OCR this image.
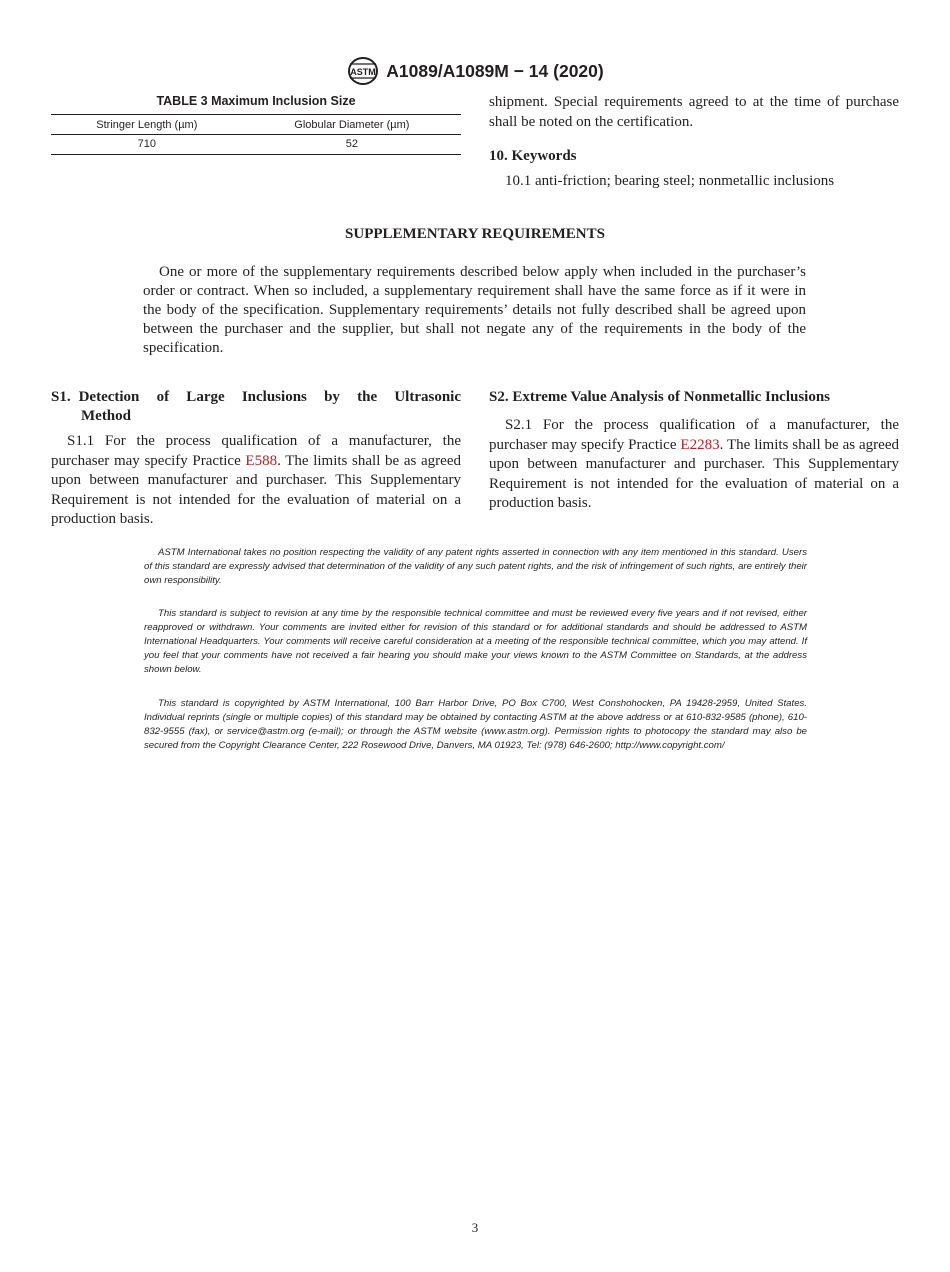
ASTM A1089/A1089M − 14 (2020)
TABLE 3 Maximum Inclusion Size
Stringer Length (µm)	Globular Diameter (µm)
710	52
shipment. Special requirements agreed to at the time of purchase shall be noted on the certification.
10. Keywords
10.1 anti-friction; bearing steel; nonmetallic inclusions
SUPPLEMENTARY REQUIREMENTS
One or more of the supplementary requirements described below apply when included in the purchaser’s order or contract. When so included, a supplementary requirement shall have the same force as if it were in the body of the specification. Supplementary requirements’ details not fully described shall be agreed upon between the purchaser and the supplier, but shall not negate any of the requirements in the body of the specification.
S1. Detection of Large Inclusions by the Ultrasonic
Method
S1.1 For the process qualification of a manufacturer, the purchaser may specify Practice E588. The limits shall be as agreed upon between manufacturer and purchaser. This Supplementary Requirement is not intended for the evaluation of material on a production basis.
S2. Extreme Value Analysis of Nonmetallic Inclusions
S2.1 For the process qualification of a manufacturer, the purchaser may specify Practice E2283. The limits shall be as agreed upon between manufacturer and purchaser. This Supplementary Requirement is not intended for the evaluation of material on a production basis.
ASTM International takes no position respecting the validity of any patent rights asserted in connection with any item mentioned in this standard. Users of this standard are expressly advised that determination of the validity of any such patent rights, and the risk of infringement of such rights, are entirely their own responsibility.
This standard is subject to revision at any time by the responsible technical committee and must be reviewed every five years and if not revised, either reapproved or withdrawn. Your comments are invited either for revision of this standard or for additional standards and should be addressed to ASTM International Headquarters. Your comments will receive careful consideration at a meeting of the responsible technical committee, which you may attend. If you feel that your comments have not received a fair hearing you should make your views known to the ASTM Committee on Standards, at the address shown below.
This standard is copyrighted by ASTM International, 100 Barr Harbor Drive, PO Box C700, West Conshohocken, PA 19428-2959, United States. Individual reprints (single or multiple copies) of this standard may be obtained by contacting ASTM at the above address or at 610-832-9585 (phone), 610-832-9555 (fax), or service@astm.org (e-mail); or through the ASTM website (www.astm.org). Permission rights to photocopy the standard may also be secured from the Copyright Clearance Center, 222 Rosewood Drive, Danvers, MA 01923, Tel: (978) 646-2600; http://www.copyright.com/
3
